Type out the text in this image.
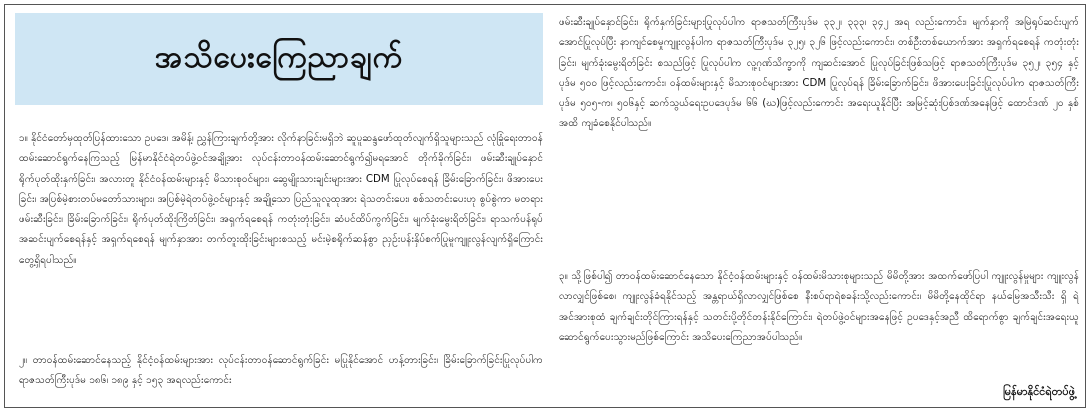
အသိပေးကြေညာချက်
၁။ နိုင်ငံတော်မှထုတ်ပြန်ထားသော ဥပဒေ၊ အမိန့်၊ ညွှန်ကြားချက်တို့အား လိုက်နာခြင်းမရှိဘဲ ဆူပူဆန္ဒဖော်ထုတ်လျက်ရှိသူများသည် လုံခြုံရေးတာဝန်ထမ်းဆောင်ရွက်နေကြသည့် မြန်မာနိုင်ငံရဲတပ်ဖွဲ့ဝင်အချို့အား လုပ်ငန်းတာဝန်ထမ်းဆောင်ရွက်၍မရအောင် တိုက်ခိုက်ခြင်း၊ ဖမ်းဆီးချုပ်နှောင်ရိုက်ပုတ်ထိုးနှက်ခြင်း၊ အလားတူ နိုင်ငံဝန်ထမ်းများနှင့် မိသားစုဝင်များ၊ ဆွေမျိုးသားချင်းများအား CDM ပြုလုပ်စေရန် ခြိမ်းခြောက်ခြင်း၊ ဖိအားပေးခြင်း၊ အပြစ်မဲ့စားတပ်မတော်သားများ၊ အပြစ်မဲ့ရဲတပ်ဖွဲ့ဝင်များနှင့် အချို့သော ပြည်သူလူထုအား ရဲသတင်းပေး၊ စစ်သတင်းပေးဟု စွပ်စွဲကာ မတရားဖမ်းဆီးခြင်း၊ ခြိမ်းခြောက်ခြင်း၊ ရိုက်ပုတ်ထိုးကြိတ်ခြင်း၊ အရှက်ရစေရန် ကတုံးတုံးခြင်း၊ ဆံပင်ထိပ်ကွက်ခြင်း၊ မျက်ခုံးမွေးရိတ်ခြင်း၊ ရာသက်ပန်ရုပ်အဆင်းပျက်စေရန်နှင့် အရှက်ရစေရန် မျက်နှာအား တက်တူးထိုးခြင်းများစသည့် မင်းမဲ့စရိုက်ဆန်စွာ ညှဉ်းပန်းနှိပ်စက်ပြုမူကျူးလွန်လျက်ရှိကြောင်း တွေ့ရှိရပါသည်။
၂။ တာဝန်ထမ်းဆောင်နေသည့် နိုင်ငံ့ဝန်ထမ်းများအား လုပ်ငန်းတာဝန်ဆောင်ရွက်ခြင်း မပြုနိုင်အောင် ဟန့်တားခြင်း၊ ခြိမ်းခြောက်ခြင်းပြုလုပ်ပါက ရာဇသတ်ကြီးပုဒ်မ ၁၈၆၊ ၁၈၉ နှင့် ၁၅၃ အရလည်းကောင်း
ဖမ်းဆီးချုပ်နှောင်ခြင်း၊ ရိုက်နှက်ခြင်းများပြုလုပ်ပါက ရာဇသတ်ကြီးပုဒ်မ ၃၃၂၊ ၃၃၃၊ ၃၄၂ အရ လည်းကောင်း၊ မျက်နှာကို အမြဲရုပ်ဆင်းပျက်အောင်ပြုလုပ်ပြီး နာကျင်စေမှုကျူးလွန်ပါက ရာဇသတ်ကြီးပုဒ်မ ၃၂၅၊ ၃၂၆ ဖြင့်လည်းကောင်း၊ တစ်ဦးတစ်ယောက်အား အရှက်ရစေရန် ကတုံးတုံးခြင်း၊ မျက်ခုံးမွေးရိတ်ခြင်း စသည်ဖြင့် ပြုလုပ်ပါက လူ့ဂုဏ်သိက္ခာကို ကျဆင်းအောင် ပြုလုပ်ခြင်းဖြစ်သဖြင့် ရာဇသတ်ကြီးပုဒ်မ ၃၅၂၊ ၃၅၄ နှင့် ပုဒ်မ ၅၀၀ ဖြင့်လည်းကောင်း၊ ဝန်ထမ်းများနှင့် မိသားစုဝင်များအား CDM ပြုလုပ်ရန် ခြိမ်းခြောက်ခြင်း၊ ဖိအားပေးခြင်းပြုလုပ်ပါက ရာဇသတ်ကြီးပုဒ်မ ၅၀၅-က၊ ၅၀၆နှင့် ဆက်သွယ်ရေးဥပဒေပုဒ်မ ၆၆ (ဃ)ဖြင့်လည်းကောင်း အရေးယူနိုင်ပြီး အမြင့်ဆုံးပြစ်ဒဏ်အနေဖြင့် ထောင်ဒဏ် ၂၀ နှစ် အထိ ကျခံစေနိုင်ပါသည်။
၃။ သို့ဖြစ်ပါ၍ တာဝန်ထမ်းဆောင်နေသော နိုင်ငံ့ဝန်ထမ်းများနှင့် ဝန်ထမ်းမိသားစုများသည် မိမိတို့အား အထက်ဖော်ပြပါ ကျူးလွန်မှုများ ကျူးလွန်လာလျှင်ဖြစ်စေ၊ ကျူးလွန်ခံရနိုင်သည့် အန္တရာယ်ရှိလာလျှင်ဖြစ်စေ နီးစပ်ရာရဲစခန်းသို့လည်းကောင်း၊ မိမိတို့နေထိုင်ရာ နယ်မြေအသီးသီး ရှိ ရဲအင်အားစုထံ ချက်ချင်းတိုင်ကြားရန်နှင့် သတင်းပို့တိုင်တန်းနိုင်ကြောင်း၊ ရဲတပ်ဖွဲ့ဝင်များအနေဖြင့် ဥပဒေနှင့်အညီ ထိရောက်စွာ ချက်ချင်းအရေးယူဆောင်ရွက်ပေးသွားမည်ဖြစ်ကြောင်း အသိပေးကြေညာအပ်ပါသည်။
မြန်မာနိုင်ငံရဲတပ်ဖွဲ့
